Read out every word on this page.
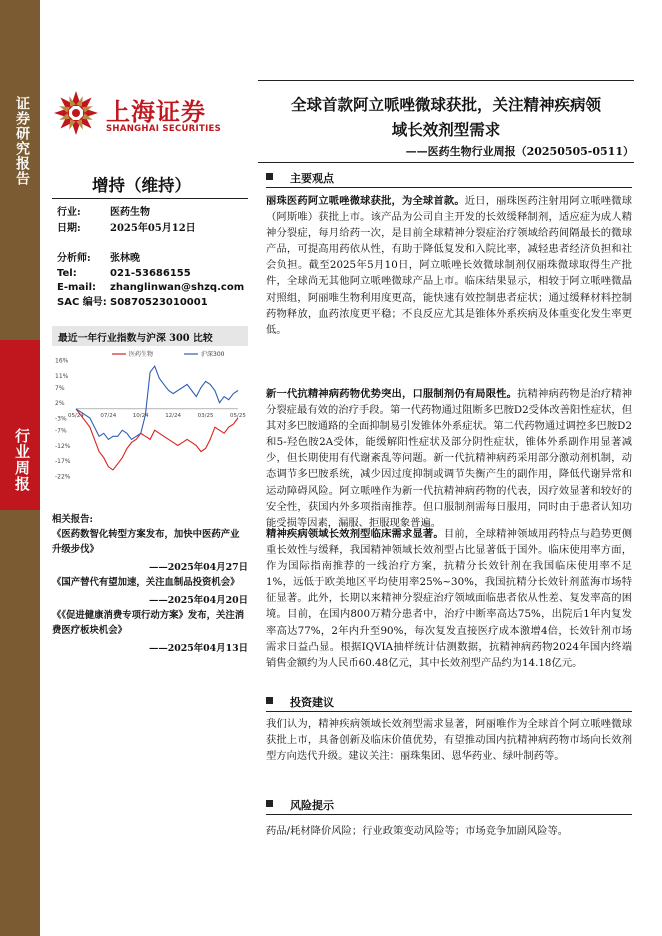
证券研究报告
行业周报
上海证券
SHANGHAI SECURITIES
全球首款阿立哌唑微球获批，关注精神疾病领
域长效剂型需求
——医药生物行业周报（20250505-0511）
增持（维持）
行业:	医药生物
日期:	2025年05月12日
分析师: 张林晚
Tel:	021-53686155
E-mail: zhanglinwan@shzq.com
SAC 编号: S0870523010001
最近一年行业指数与沪深 300 比较
16%
11%
7%
2%
-3%
-7%
-12%
-17%
-22%
05/24	07/24	10/24	12/24	03/25	05/25
医药生物	沪深300
相关报告:
《医药数智化转型方案发布，加快中医药产业升级步伐》
——2025年04月27日
《国产替代有望加速，关注血制品投资机会》
——2025年04月20日
《《促进健康消费专项行动方案》发布，关注消费医疗板块机会》
——2025年04月13日
主要观点
丽珠医药阿立哌唑微球获批，为全球首款。近日，丽珠医药注射用阿立哌唑微球（阿斯唯）获批上市。该产品为公司自主开发的长效缓释制剂，适应症为成人精神分裂症，每月给药一次，是目前全球精神分裂症治疗领域给药间隔最长的微球产品，可提高用药依从性，有助于降低复发和入院比率，减轻患者经济负担和社会负担。截至2025年5月10日，阿立哌唑长效微球制剂仅丽珠微球取得生产批件，全球尚无其他阿立哌唑微球产品上市。临床结果显示，相较于阿立哌唑微晶对照组，阿丽唯生物利用度更高，能快速有效控制患者症状；通过缓释材料控制药物释放，血药浓度更平稳；不良反应尤其是锥体外系疾病及体重变化发生率更低。
新一代抗精神病药物优势突出，口服制剂仍有局限性。抗精神病药物是治疗精神分裂症最有效的治疗手段。第一代药物通过阻断多巴胺D2受体改善阳性症状，但其对多巴胺通路的全面抑制易引发锥体外系症状。第二代药物通过调控多巴胺D2和5-羟色胺2A受体，能缓解阳性症状及部分阴性症状，锥体外系副作用显著减少，但长期使用有代谢紊乱等问题。新一代抗精神病药采用部分激动剂机制，动态调节多巴胺系统，减少因过度抑制或调节失衡产生的副作用，降低代谢异常和运动障碍风险。阿立哌唑作为新一代抗精神病药物的代表，因疗效显著和较好的安全性，获国内外多项指南推荐。但口服制剂需每日服用，同时由于患者认知功能受损等因素，漏服、拒服现象普遍。
精神疾病领域长效剂型临床需求显著。目前，全球精神领域用药特点与趋势更侧重长效性与缓释，我国精神领域长效剂型占比显著低于国外。临床使用率方面，作为国际指南推荐的一线治疗方案，抗精分长效针剂在我国临床使用率不足1%，远低于欧美地区平均使用率25%~30%，我国抗精分长效针剂蓝海市场特征显著。此外，长期以来精神分裂症治疗领域面临患者依从性差、复发率高的困境。目前，在国内800万精分患者中，治疗中断率高达75%，出院后1年内复发率高达77%，2年内升至90%，每次复发直接医疗成本激增4倍，长效针剂市场需求日益凸显。根据IQVIA抽样统计估测数据，抗精神病药物2024年国内终端销售金额约为人民币60.48亿元，其中长效剂型产品约为14.18亿元。
投资建议
我们认为，精神疾病领域长效剂型需求显著，阿丽唯作为全球首个阿立哌唑微球获批上市，具备创新及临床价值优势，有望推动国内抗精神病药物市场向长效剂型方向迭代升级。建议关注：丽珠集团、恩华药业、绿叶制药等。
风险提示
药品/耗材降价风险；行业政策变动风险等；市场竞争加剧风险等。
